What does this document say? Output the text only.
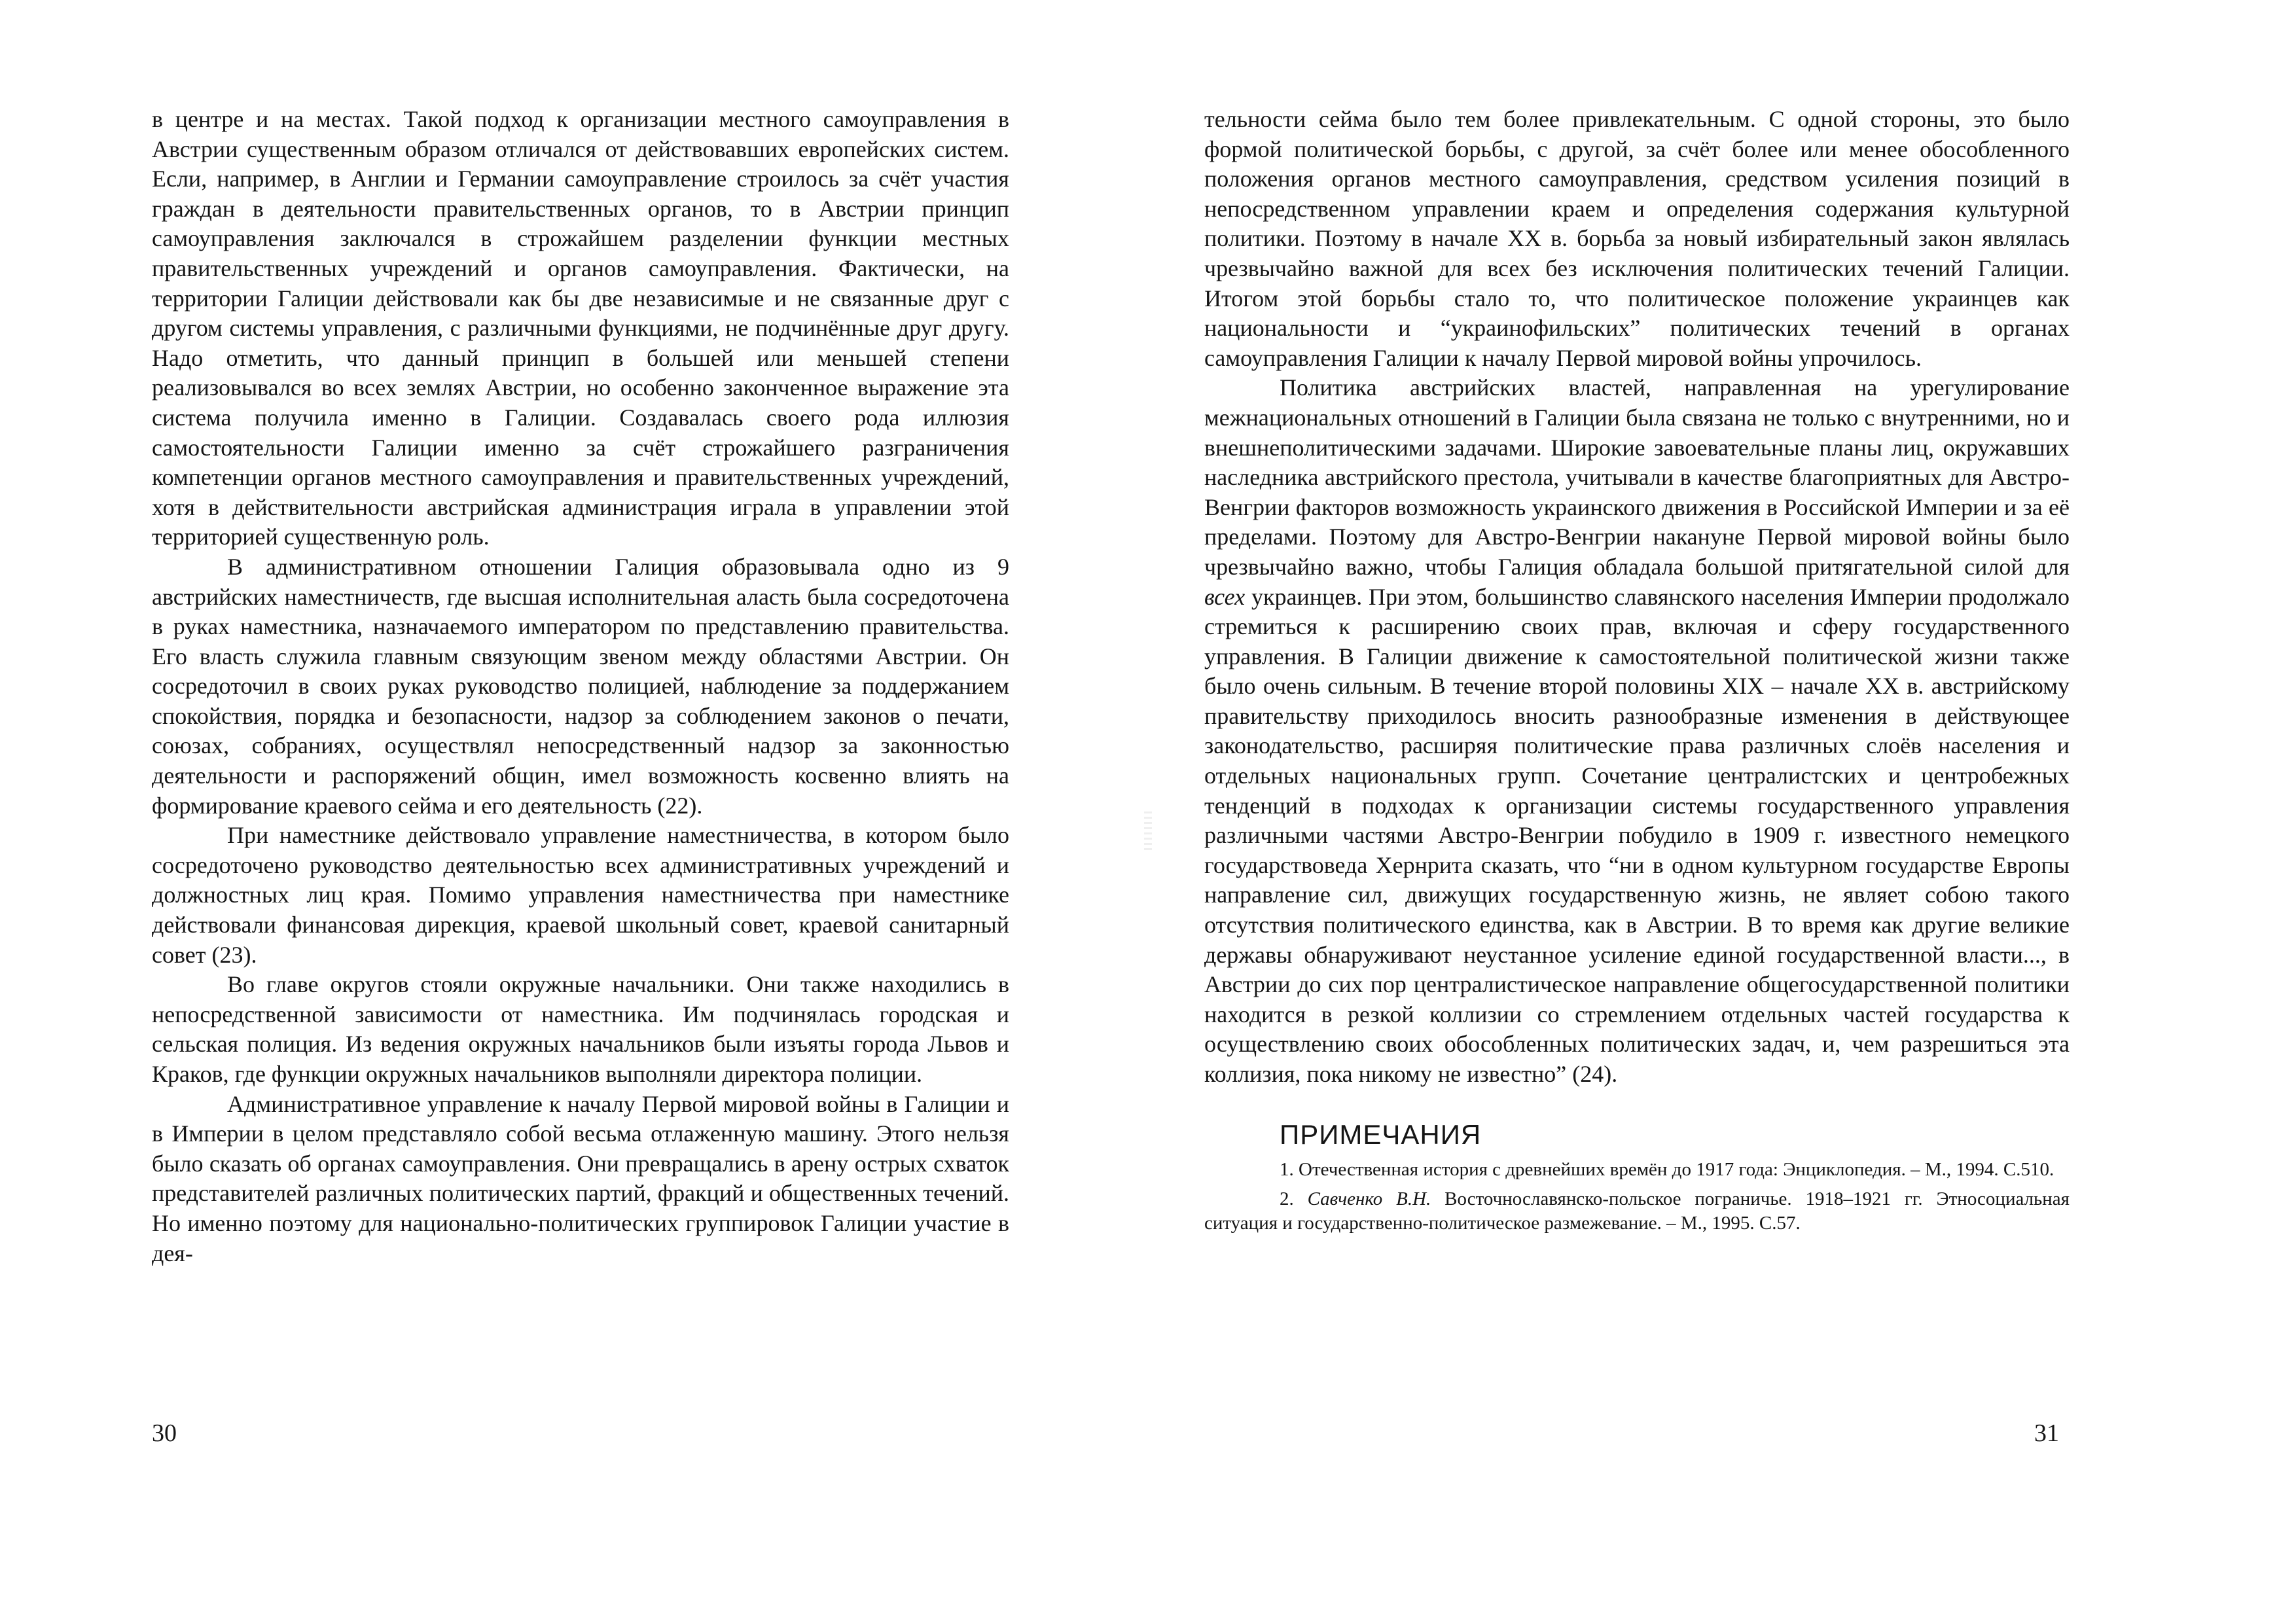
в центре и на местах. Такой подход к организации местного самоуправления в Австрии существенным образом отличался от действовавших европейских систем. Если, например, в Англии и Германии самоуправление строилось за счёт участия граждан в деятельности правительственных органов, то в Австрии принцип самоуправления заключался в строжайшем разделении функции местных правительственных учреждений и органов самоуправления. Фактически, на территории Галиции действовали как бы две независимые и не связанные друг с другом системы управления, с различными функциями, не подчинённые друг другу. Надо отметить, что данный принцип в большей или меньшей степени реализовывался во всех землях Австрии, но особенно законченное выражение эта система получила именно в Галиции. Создавалась своего рода иллюзия самостоятельности Галиции именно за счёт строжайшего разграничения компетенции органов местного самоуправления и правительственных учреждений, хотя в действительности австрийская администрация играла в управлении этой территорией существенную роль.

В административном отношении Галиция образовывала одно из 9 австрийских наместничеств, где высшая исполнительная аласть была сосредоточена в руках наместника, назначаемого императором по представлению правительства. Его власть служила главным связующим звеном между областями Австрии. Он сосредоточил в своих руках руководство полицией, наблюдение за поддержанием спокойствия, порядка и безопасности, надзор за соблюдением законов о печати, союзах, собраниях, осуществлял непосредственный надзор за законностью деятельности и распоряжений общин, имел возможность косвенно влиять на формирование краевого сейма и его деятельность (22).

При наместнике действовало управление наместничества, в котором было сосредоточено руководство деятельностью всех административных учреждений и должностных лиц края. Помимо управления наместничества при наместнике действовали финансовая дирекция, краевой школьный совет, краевой санитарный совет (23).

Во главе округов стояли окружные начальники. Они также находились в непосредственной зависимости от наместника. Им подчинялась городская и сельская полиция. Из ведения окружных начальников были изъяты города Львов и Краков, где функции окружных начальников выполняли директора полиции.

Административное управление к началу Первой мировой войны в Галиции и в Империи в целом представляло собой весьма отлаженную машину. Этого нельзя было сказать об органах самоуправления. Они превращались в арену острых схваток представителей различных политических партий, фракций и общественных течений. Но именно поэтому для национально-политических группировок Галиции участие в дея-

30

тельности сейма было тем более привлекательным. С одной стороны, это было формой политической борьбы, с другой, за счёт более или менее обособленного положения органов местного самоуправления, средством усиления позиций в непосредственном управлении краем и определения содержания культурной политики. Поэтому в начале XX в. борьба за новый избирательный закон являлась чрезвычайно важной для всех без исключения политических течений Галиции. Итогом этой борьбы стало то, что политическое положение украинцев как национальности и “украинофильских” политических течений в органах самоуправления Галиции к началу Первой мировой войны упрочилось.

Политика австрийских властей, направленная на урегулирование межнациональных отношений в Галиции была связана не только с внутренними, но и внешнеполитическими задачами. Широкие завоевательные планы лиц, окружавших наследника австрийского престола, учитывали в качестве благоприятных для Австро-Венгрии факторов возможность украинского движения в Российской Империи и за её пределами. Поэтому для Австро-Венгрии накануне Первой мировой войны было чрезвычайно важно, чтобы Галиция обладала большой притягательной силой для всех украинцев. При этом, большинство славянского населения Империи продолжало стремиться к расширению своих прав, включая и сферу государственного управления. В Галиции движение к самостоятельной политической жизни также было очень сильным. В течение второй половины XIX – начале XX в. австрийскому правительству приходилось вносить разнообразные изменения в действующее законодательство, расширяя политические права различных слоёв населения и отдельных национальных групп. Сочетание централистских и центробежных тенденций в подходах к организации системы государственного управления различными частями Австро-Венгрии побудило в 1909 г. известного немецкого государствоведа Хернрита сказать, что “ни в одном культурном государстве Европы направление сил, движущих государственную жизнь, не являет собою такого отсутствия политического единства, как в Австрии. В то время как другие великие державы обнаруживают неустанное усиление единой государственной власти..., в Австрии до сих пор централистическое направление общегосударственной политики находится в резкой коллизии со стремлением отдельных частей государства к осуществлению своих обособленных политических задач, и, чем разрешиться эта коллизия, пока никому не известно” (24).

ПРИМЕЧАНИЯ

1. Отечественная история с древнейших времён до 1917 года: Энциклопедия. – М., 1994. С.510.

2. Савченко В.Н. Восточнославянско-польское пограничье. 1918–1921 гг. Этносоциальная ситуация и государственно-политическое размежевание. – М., 1995. С.57.

31
